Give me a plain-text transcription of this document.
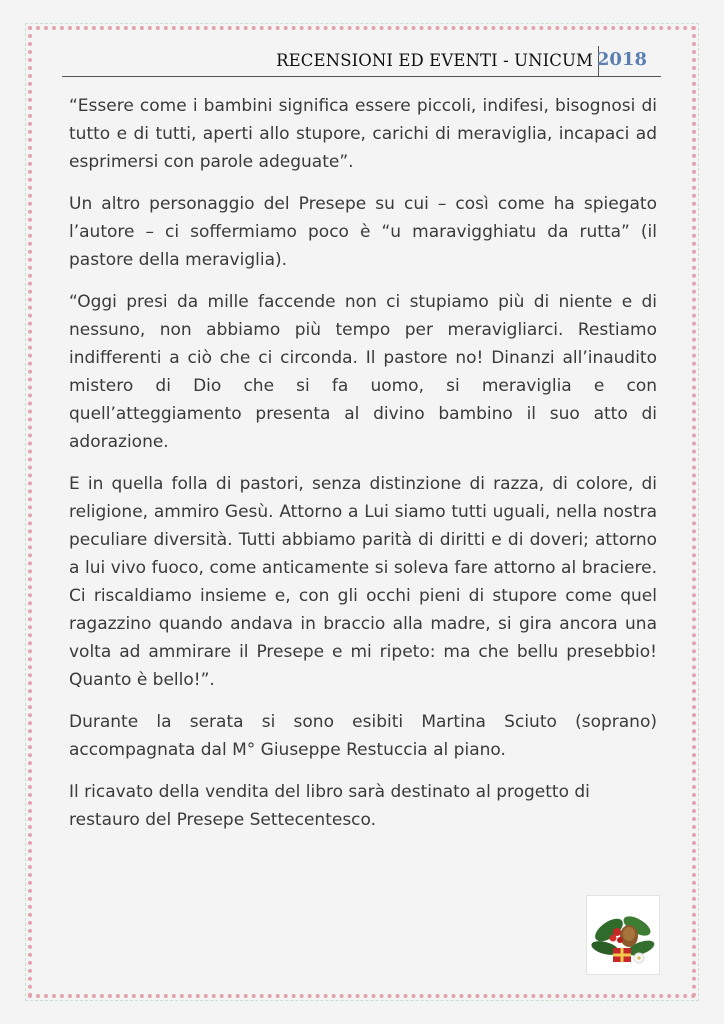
RECENSIONI ED EVENTI - UNICUM 2018

“Essere come i bambini significa essere piccoli, indifesi, bisognosi di tutto e di tutti, aperti allo stupore, carichi di meraviglia, incapaci ad esprimersi con parole adeguate”.

Un altro personaggio del Presepe su cui – così come ha spiegato l’autore – ci soffermiamo poco è “u maravigghiatu da rutta” (il pastore della meraviglia).

“Oggi presi da mille faccende non ci stupiamo più di niente e di nessuno, non abbiamo più tempo per meravigliarci. Restiamo indifferenti a ciò che ci circonda. Il pastore no! Dinanzi all’inaudito mistero di Dio che si fa uomo, si meraviglia e con quell’atteggiamento presenta al divino bambino il suo atto di adorazione.

E in quella folla di pastori, senza distinzione di razza, di colore, di religione, ammiro Gesù. Attorno a Lui siamo tutti uguali, nella nostra peculiare diversità. Tutti abbiamo parità di diritti e di doveri; attorno a lui vivo fuoco, come anticamente si soleva fare attorno al braciere. Ci riscaldiamo insieme e, con gli occhi pieni di stupore come quel ragazzino quando andava in braccio alla madre, si gira ancora una volta ad ammirare il Presepe e mi ripeto: ma che bellu presebbio! Quanto è bello!”.

Durante la serata si sono esibiti Martina Sciuto (soprano) accompagnata dal M° Giuseppe Restuccia al piano.

Il ricavato della vendita del libro sarà destinato al progetto di restauro del Presepe Settecentesco.
